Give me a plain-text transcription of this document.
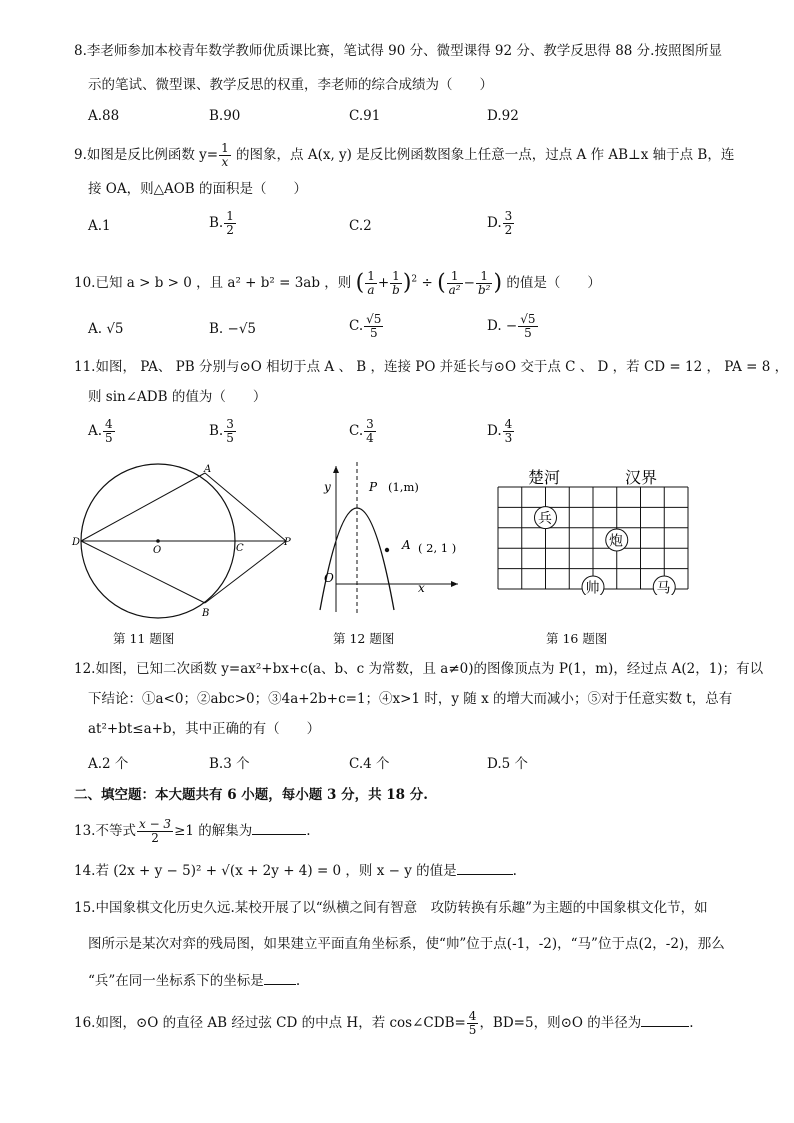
8.李老师参加本校青年数学教师优质课比赛，笔试得 90 分、微型课得 92 分、教学反思得 88 分.按照图所显
示的笔试、微型课、教学反思的权重，李老师的综合成绩为（　　）
A.88	B.90	C.91	D.92
9.如图是反比例函数 $y= \frac{1}{x}$ 的图象，点 A(x, y) 是反比例函数图象上任意一点，过点 A 作 AB⊥x 轴于点 B，连
接 OA，则△AOB 的面积是（　　）
A.1	B. $\frac{1}{2}$	C.2	D. $\frac{3}{2}$
10.已知 a > b > 0 ，且 a² + b² = 3ab ，则 ( $\frac{1}{a} + \frac{1}{b} )^2$ ÷ ( $\frac{1}{\text{a²}} - \frac{1}{\text{b²}}$ ) 的值是（　　）
A. √5	B. −√5	C. $\frac{√5}{5}$	D. − $\frac{√5}{5}$
11.如图， PA、 PB 分别与⊙O 相切于点 A 、 B ，连接 PO 并延长与⊙O 交于点 C 、 D ，若 CD = 12 ， PA = 8 ，
则 sin∠ADB 的值为（　　）
A. $\frac{4}{5}$	B. $\frac{3}{5}$	C. $\frac{3}{4}$	D. $\frac{4}{3}$
A
B
C
D
O
P
第 11 题图
y
x
O
P (1,m)
A ( 2, 1 )
第 12 题图
楚河	汉界
兵
炮
帅	马
第 16 题图
12.如图，已知二次函数 y=ax²+bx+c(a、b、c 为常数，且 a≠0)的图像顶点为 P(1，m)，经过点 A(2，1)；有以
下结论：①a<0；②abc>0；③4a+2b+c=1；④x>1 时，y 随 x 的增大而减小；⑤对于任意实数 t，总有
at²+bt≤a+b，其中正确的有（　　）
A.2 个	B.3 个	C.4 个	D.5 个
二、填空题：本大题共有 6 小题，每小题 3 分，共 18 分.
13.不等式 $\frac{x - 3}{2} \ge 1$ 的解集为	.
14.若 (2x + y − 5)² + √(x + 2y + 4) = 0 ，则 x − y 的值是	.
15.中国象棋文化历史久远.某校开展了以“纵横之间有智意　攻防转换有乐趣”为主题的中国象棋文化节，如
图所示是某次对弈的残局图，如果建立平面直角坐标系，使“帅”位于点(-1，-2)，“马”位于点(2，-2)，那么
“兵”在同一坐标系下的坐标是 .
16.如图，⊙O 的直径 AB 经过弦 CD 的中点 H，若 cos∠CDB= $\frac{4}{5}$ ，BD=5，则⊙O 的半径为	.
